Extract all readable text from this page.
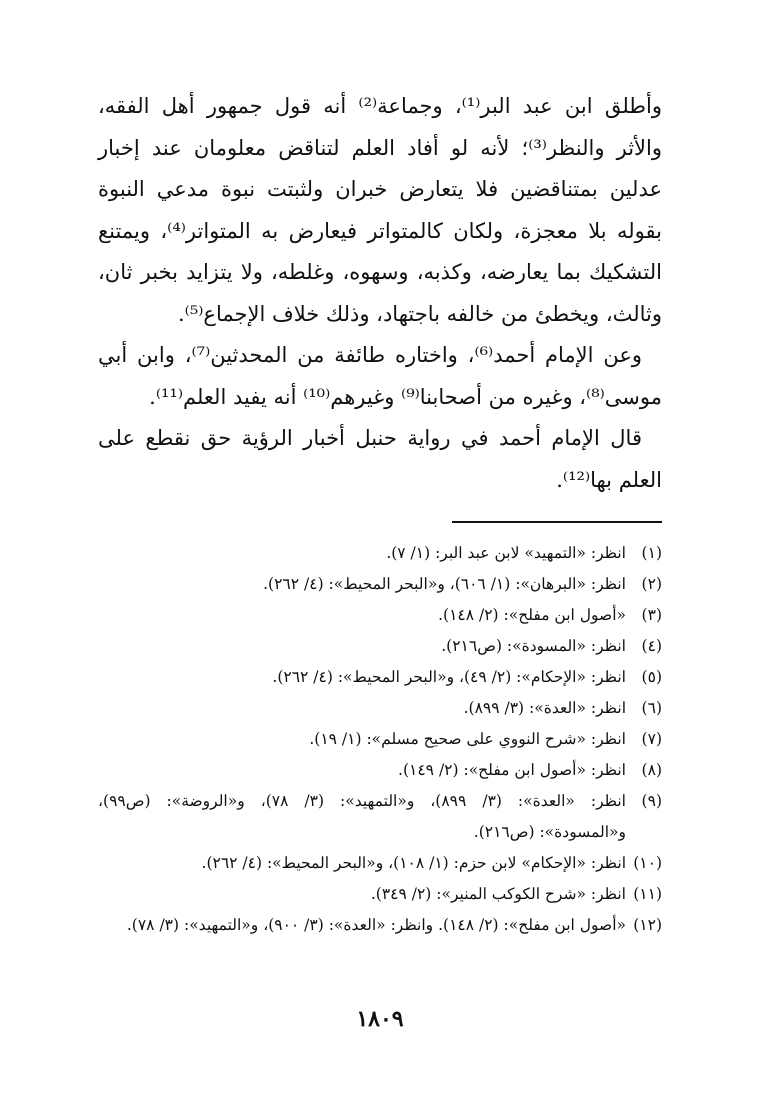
وأطلق ابن عبد البر⁽¹⁾، وجماعة⁽²⁾ أنه قول جمهور أهل الفقه، والأثر والنظر⁽³⁾؛ لأنه لو أفاد العلم لتناقض معلومان عند إخبار عدلين بمتناقضين فلا يتعارض خبران ولثبتت نبوة مدعي النبوة بقوله بلا معجزة، ولكان كالمتواتر فيعارض به المتواتر⁽⁴⁾، ويمتنع التشكيك بما يعارضه، وكذبه، وسهوه، وغلطه، ولا يتزايد بخبر ثان، وثالث، ويخطئ من خالفه باجتهاد، وذلك خلاف الإجماع⁽⁵⁾.

وعن الإمام أحمد⁽⁶⁾، واختاره طائفة من المحدثين⁽⁷⁾، وابن أبي موسى⁽⁸⁾، وغيره من أصحابنا⁽⁹⁾ وغيرهم⁽¹⁰⁾ أنه يفيد العلم⁽¹¹⁾.

قال الإمام أحمد في رواية حنبل أخبار الرؤية حق نقطع على العلم بها⁽¹²⁾.

(١)
انظر: «التمهيد» لابن عبد البر: (١/ ٧).
(٢)
انظر: «البرهان»: (١/ ٦٠٦)، و«البحر المحيط»: (٤/ ٢٦٢).
(٣)
«أصول ابن مفلح»: (٢/ ١٤٨).
(٤)
انظر: «المسودة»: (ص٢١٦).
(٥)
انظر: «الإحكام»: (٢/ ٤٩)، و«البحر المحيط»: (٤/ ٢٦٢).
(٦)
انظر: «العدة»: (٣/ ٨٩٩).
(٧)
انظر: «شرح النووي على صحيح مسلم»: (١/ ١٩).
(٨)
انظر: «أصول ابن مفلح»: (٢/ ١٤٩).
(٩)
انظر: «العدة»: (٣/ ٨٩٩)، و«التمهيد»: (٣/ ٧٨)، و«الروضة»: (ص٩٩)، و«المسودة»: (ص٢١٦).
(١٠)
انظر: «الإحكام» لابن حزم: (١/ ١٠٨)، و«البحر المحيط»: (٤/ ٢٦٢).
(١١)
انظر: «شرح الكوكب المنير»: (٢/ ٣٤٩).
(١٢)
«أصول ابن مفلح»: (٢/ ١٤٨). وانظر: «العدة»: (٣/ ٩٠٠)، و«التمهيد»: (٣/ ٧٨).
١٨٠٩
